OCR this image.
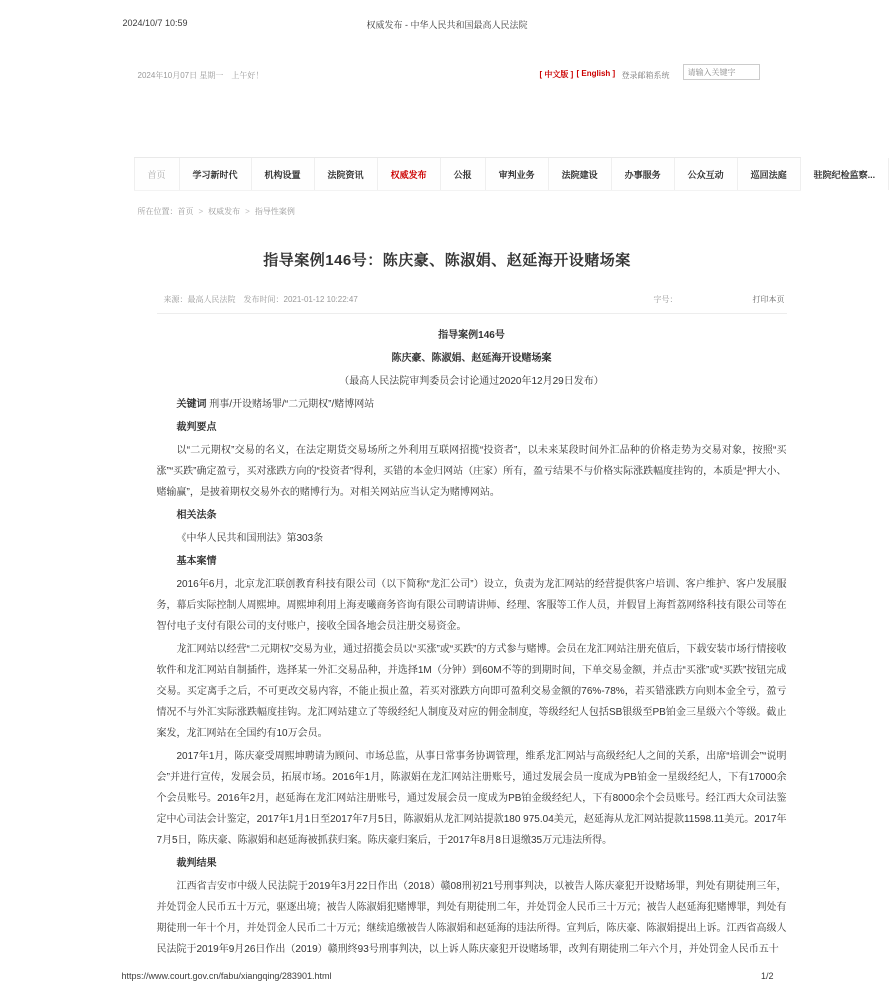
2024/10/7 10:59	权威发布 - 中华人民共和国最高人民法院
2024年10月07日 星期一　上午好！	[ 中文版 ] [ English ] 登录邮箱系统
请输入关键字
首页	学习新时代	机构设置	法院资讯	权威发布	公报	审判业务	法院建设	办事服务	公众互动	巡回法庭	驻院纪检监察...
所在位置：首页 > 权威发布 > 指导性案例
指导案例146号：陈庆豪、陈淑娟、赵延海开设赌场案
来源：最高人民法院　 发布时间：2021-01-12 10:22:47	字号：	打印本页

指导案例146号

陈庆豪、陈淑娟、赵延海开设赌场案

（最高人民法院审判委员会讨论通过2020年12月29日发布）

关键词 刑事/开设赌场罪/“二元期权”/赌博网站

裁判要点

以“二元期权”交易的名义，在法定期货交易场所之外利用互联网招揽“投资者”，以未来某段时间外汇品种的价格走势为交易对象，按照“买涨”“买跌”确定盈亏，买对涨跌方向的“投资者”得利，买错的本金归网站（庄家）所有，盈亏结果不与价格实际涨跌幅度挂钩的，本质是“押大小、赌输赢”，是披着期权交易外衣的赌博行为。对相关网站应当认定为赌博网站。

相关法条

《中华人民共和国刑法》第303条

基本案情

2016年6月，北京龙汇联创教育科技有限公司（以下简称“龙汇公司”）设立，负责为龙汇网站的经营提供客户培训、客户维护、客户发展服务，幕后实际控制人周熙坤。周熙坤利用上海麦曦商务咨询有限公司聘请讲师、经理、客服等工作人员，并假冒上海哲荔网络科技有限公司等在智付电子支付有限公司的支付账户，接收全国各地会员注册交易资金。

龙汇网站以经营“二元期权”交易为业，通过招揽会员以“买涨”或“买跌”的方式参与赌博。会员在龙汇网站注册充值后，下载安装市场行情接收软件和龙汇网站自制插件，选择某一外汇交易品种，并选择1M（分钟）到60M不等的到期时间，下单交易金额，并点击“买涨”或“买跌”按钮完成交易。买定离手之后，不可更改交易内容，不能止损止盈，若买对涨跌方向即可盈利交易金额的76%-78%，若买错涨跌方向则本金全亏，盈亏情况不与外汇实际涨跌幅度挂钩。龙汇网站建立了等级经纪人制度及对应的佣金制度，等级经纪人包括SB银级至PB铂金三星级六个等级。截止案发，龙汇网站在全国约有10万会员。

2017年1月，陈庆豪受周熙坤聘请为顾问、市场总监，从事日常事务协调管理，维系龙汇网站与高级经纪人之间的关系，出席“培训会”“说明会”并进行宣传，发展会员，拓展市场。2016年1月，陈淑娟在龙汇网站注册账号，通过发展会员一度成为PB铂金一星级经纪人，下有17000余个会员账号。2016年2月，赵延海在龙汇网站注册账号，通过发展会员一度成为PB铂金级经纪人，下有8000余个会员账号。经江西大众司法鉴定中心司法会计鉴定，2017年1月1日至2017年7月5日，陈淑娟从龙汇网站提款180 975.04美元，赵延海从龙汇网站提款11598.11美元。2017年7月5日，陈庆豪、陈淑娟和赵延海被抓获归案。陈庆豪归案后，于2017年8月8日退缴35万元违法所得。

裁判结果

江西省吉安市中级人民法院于2019年3月22日作出（2018）赣08刑初21号刑事判决，以被告人陈庆豪犯开设赌场罪，判处有期徒刑三年，并处罚金人民币五十万元，驱逐出境；被告人陈淑娟犯赌博罪，判处有期徒刑二年，并处罚金人民币三十万元；被告人赵延海犯赌博罪，判处有期徒刑一年十个月，并处罚金人民币二十万元；继续追缴被告人陈淑娟和赵延海的违法所得。宣判后，陈庆豪、陈淑娟提出上诉。江西省高级人民法院于2019年9月26日作出（2019）赣刑终93号刑事判决，以上诉人陈庆豪犯开设赌场罪，改判有期徒刑二年六个月，并处罚金人民币五十

https://www.court.gov.cn/fabu/xiangqing/283901.html	1/2
